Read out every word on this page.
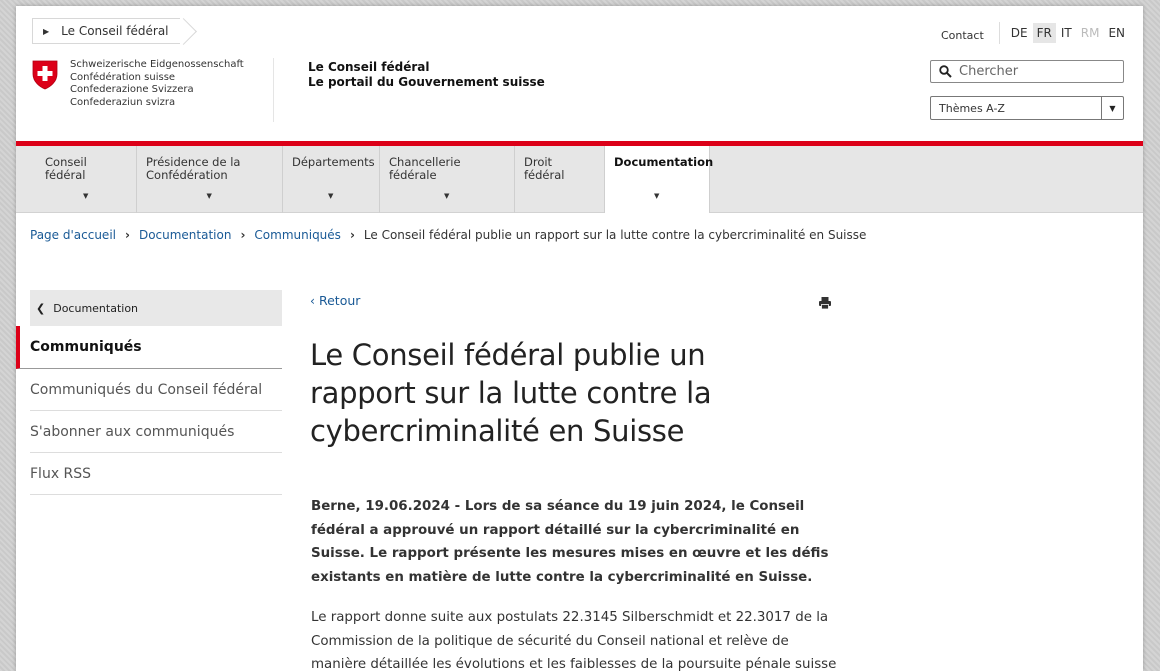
▶ Le Conseil fédéral	Contact	DE FR IT RM EN
Schweizerische Eidgenossenschaft
Confédération suisse
Confederazione Svizzera
Confederaziun svizra
Le Conseil fédéral
Le portail du Gouvernement suisse
Chercher
Thèmes A-Z	▼
Conseil fédéral
▼
Présidence de la Confédération
▼
Départements
▼
Chancellerie fédérale
▼
Droit fédéral
Documentation
▼
Page d'accueil › Documentation › Communiqués › Le Conseil fédéral publie un rapport sur la lutte contre la cybercriminalité en Suisse
❮ Documentation
Communiqués
Communiqués du Conseil fédéral
S'abonner aux communiqués
Flux RSS
‹ Retour
Le Conseil fédéral publie un rapport sur la lutte contre la cybercriminalité en Suisse

Berne, 19.06.2024 - Lors de sa séance du 19 juin 2024, le Conseil fédéral a approuvé un rapport détaillé sur la cybercriminalité en Suisse. Le rapport présente les mesures mises en œuvre et les défis existants en matière de lutte contre la cybercriminalité en Suisse.

Le rapport donne suite aux postulats 22.3145 Silberschmidt et 22.3017 de la Commission de la politique de sécurité du Conseil national et relève de manière détaillée les évolutions et les faiblesses de la poursuite pénale suisse
